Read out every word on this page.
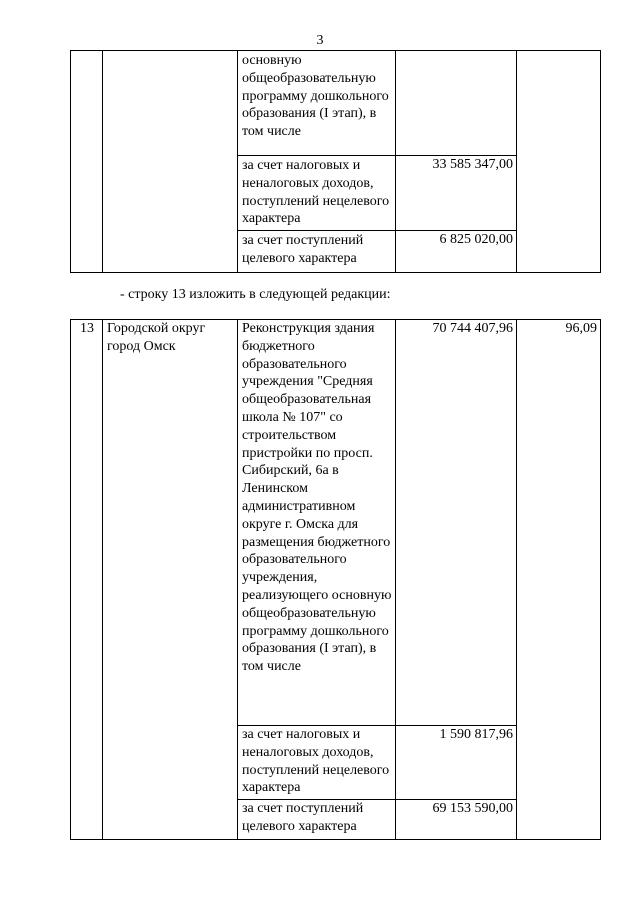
3

		основную общеобразовательную программу дошкольного образования (I этап), в том числе		

		за счет налоговых и неналоговых доходов, поступлений нецелевого характера	33 585 347,00	

		за счет поступлений целевого характера	6 825 020,00	
- строку 13 изложить в следующей редакции:
13	Городской округ город Омск	Реконструкция здания бюджетного образовательного учреждения "Средняя общеобразовательная школа № 107" со строительством пристройки по просп. Сибирский, 6а в Ленинском административном округе г. Омска для размещения бюджетного образовательного учреждения, реализующего основную общеобразовательную программу дошкольного образования (I этап), в том числе	70 744 407,96	96,09

		за счет налоговых и неналоговых доходов, поступлений нецелевого характера	1 590 817,96	

		за счет поступлений целевого характера	69 153 590,00	
